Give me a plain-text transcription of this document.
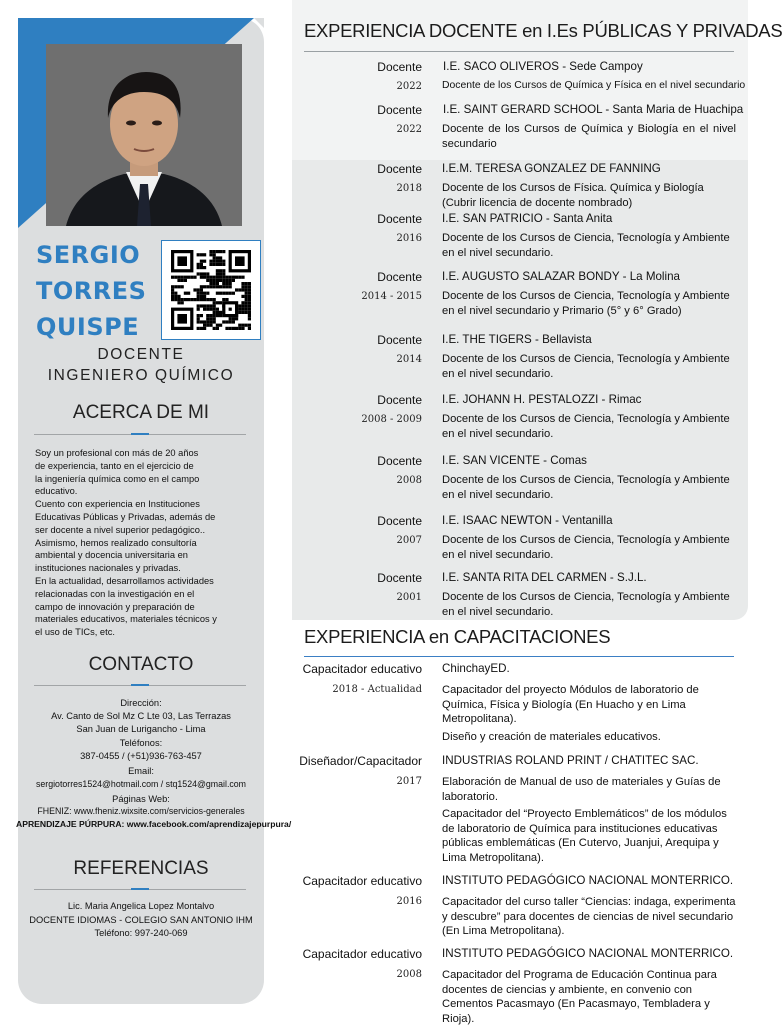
SERGIO
TORRES
QUISPE
DOCENTE
INGENIERO QUÍMICO
ACERCA DE MI
Soy un profesional con más de 20 años
de experiencia, tanto en el ejercicio de
la ingeniería química como en el campo
educativo.
Cuento con experiencia en Instituciones
Educativas Públicas y Privadas, además de
ser docente a nivel superior pedagógico..
Asimismo, hemos realizado consultoría
ambiental y docencia universitaria en
instituciones nacionales y privadas.
En la actualidad, desarrollamos actividades
relacionadas con la investigación en el
campo de innovación y preparación de
materiales educativos, materiales técnicos y
el uso de TICs, etc.
CONTACTO
Dirección:
Av. Canto de Sol Mz C Lte 03, Las Terrazas
San Juan de Lurigancho - Lima
Teléfonos:
387-0455 / (+51)936-763-457
Email:
sergiotorres1524@hotmail.com / stq1524@gmail.com
Páginas Web:
FHENIZ: www.fheniz.wixsite.com/servicios-generales
APRENDIZAJE PÚRPURA: www.facebook.com/aprendizajepurpura/
REFERENCIAS
Lic. Maria Angelica Lopez Montalvo
DOCENTE IDIOMAS - COLEGIO SAN ANTONIO IHM
Teléfono: 997-240-069
EXPERIENCIA DOCENTE en I.Es PÚBLICAS Y PRIVADAS
Docente
2022
I.E. SACO OLIVEROS - Sede Campoy
Docente de los Cursos de Química y Física en el nivel secundario
Docente
2022
I.E. SAINT GERARD SCHOOL - Santa Maria de Huachipa
Docente de los Cursos de Química y Biología en el nivel secundario
Docente
2018
I.E.M. TERESA GONZALEZ DE FANNING
Docente de los Cursos de Física. Química y Biología (Cubrir licencia de docente nombrado)
Docente
2016
I.E. SAN PATRICIO - Santa Anita
Docente de los Cursos de Ciencia, Tecnología y Ambiente en el nivel secundario.
Docente
2014 - 2015
I.E. AUGUSTO SALAZAR BONDY - La Molina
Docente de los Cursos de Ciencia, Tecnología y Ambiente en el nivel secundario y Primario (5° y 6° Grado)
Docente
2014
I.E. THE TIGERS - Bellavista
Docente de los Cursos de Ciencia, Tecnología y Ambiente en el nivel secundario.
Docente
2008 - 2009
I.E. JOHANN H. PESTALOZZI - Rimac
Docente de los Cursos de Ciencia, Tecnología y Ambiente en el nivel secundario.
Docente
2008
I.E. SAN VICENTE - Comas
Docente de los Cursos de Ciencia, Tecnología y Ambiente en el nivel secundario.
Docente
2007
I.E. ISAAC NEWTON - Ventanilla
Docente de los Cursos de Ciencia, Tecnología y Ambiente en el nivel secundario.
Docente
2001
I.E. SANTA RITA DEL CARMEN - S.J.L.
Docente de los Cursos de Ciencia, Tecnología y Ambiente en el nivel secundario.
EXPERIENCIA en CAPACITACIONES
Capacitador educativo
2018 - Actualidad
ChinchayED.
Capacitador del proyecto Módulos de laboratorio de Química, Física y Biología (En Huacho y en Lima Metropolitana).
Diseño y creación de materiales educativos.
Diseñador/Capacitador
2017
INDUSTRIAS ROLAND PRINT / CHATITEC SAC.
Elaboración de Manual de uso de materiales y Guías de laboratorio.
Capacitador del “Proyecto Emblemáticos” de los módulos de laboratorio de Química para instituciones educativas públicas emblemáticas (En Cutervo, Juanjui, Arequipa y Lima Metropolitana).
Capacitador educativo
2016
INSTITUTO PEDAGÓGICO NACIONAL MONTERRICO.
Capacitador del curso taller “Ciencias: indaga, experimenta y descubre” para docentes de ciencias de nivel secundario (En Lima Metropolitana).
Capacitador educativo
2008
INSTITUTO PEDAGÓGICO NACIONAL MONTERRICO.
Capacitador del Programa de Educación Continua para docentes de ciencias y ambiente, en convenio con Cementos Pacasmayo (En Pacasmayo, Tembladera y Rioja).
